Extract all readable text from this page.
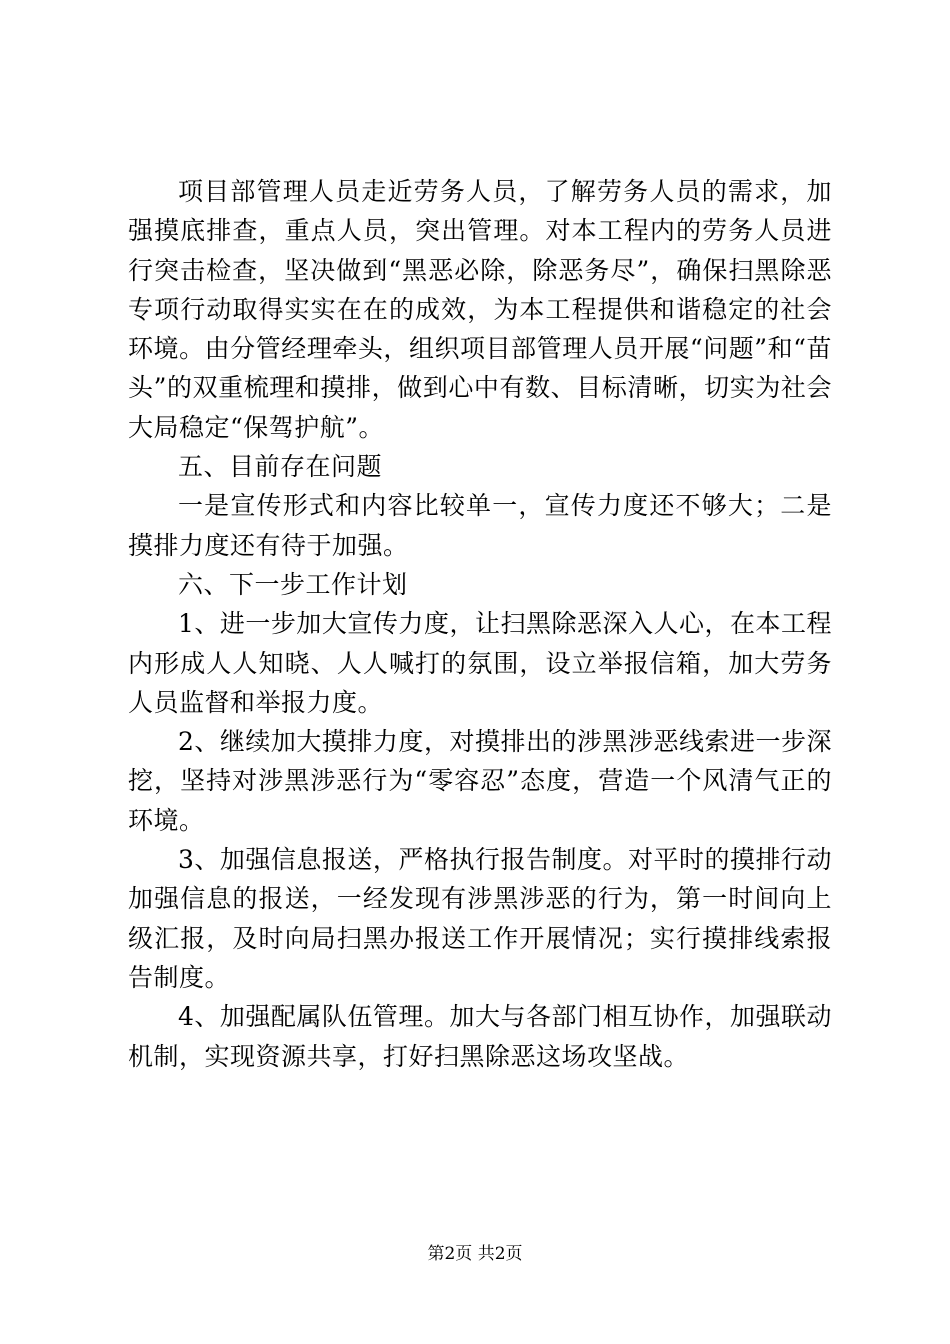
项目部管理人员走近劳务人员，了解劳务人员的需求，加强摸底排查，重点人员，突出管理。对本工程内的劳务人员进行突击检查，坚决做到“黑恶必除，除恶务尽”，确保扫黑除恶专项行动取得实实在在的成效，为本工程提供和谐稳定的社会环境。由分管经理牵头，组织项目部管理人员开展“问题”和“苗头”的双重梳理和摸排，做到心中有数、目标清晰，切实为社会大局稳定“保驾护航”。

五、目前存在问题

一是宣传形式和内容比较单一，宣传力度还不够大；二是摸排力度还有待于加强。

六、下一步工作计划

1、进一步加大宣传力度，让扫黑除恶深入人心，在本工程内形成人人知晓、人人喊打的氛围，设立举报信箱，加大劳务人员监督和举报力度。

2、继续加大摸排力度，对摸排出的涉黑涉恶线索进一步深挖，坚持对涉黑涉恶行为“零容忍”态度，营造一个风清气正的环境。

3、加强信息报送，严格执行报告制度。对平时的摸排行动加强信息的报送，一经发现有涉黑涉恶的行为，第一时间向上级汇报，及时向局扫黑办报送工作开展情况；实行摸排线索报告制度。

4、加强配属队伍管理。加大与各部门相互协作，加强联动机制，实现资源共享，打好扫黑除恶这场攻坚战。

第2页 共2页
